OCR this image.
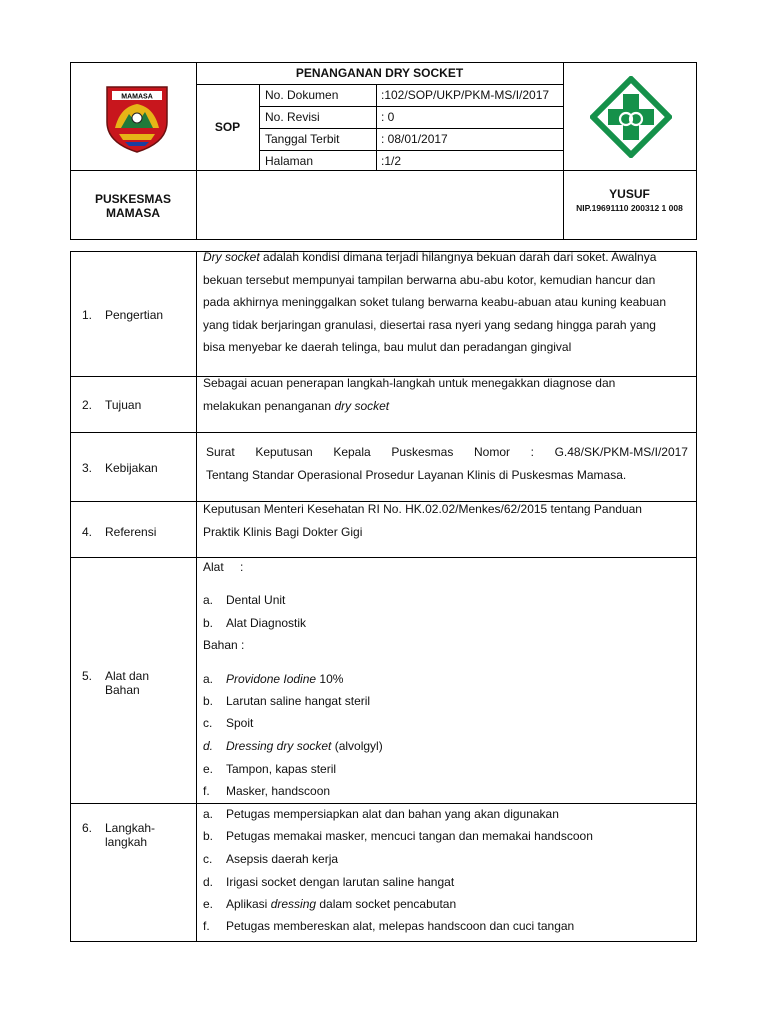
MAMASA
PENANGANAN DRY SOCKET
SOP
No. Dokumen	:102/SOP/UKP/PKM-MS/I/2017
No. Revisi	: 0
Tanggal Terbit	: 08/01/2017
Halaman	:1/2
PUSKESMAS
MAMASA
YUSUF
NIP.19691110 200312 1 008
1. Pengertian
Dry socket adalah kondisi dimana terjadi hilangnya bekuan darah dari soket. Awalnya
bekuan tersebut mempunyai tampilan berwarna abu-abu kotor, kemudian hancur dan
pada akhirnya meninggalkan soket tulang berwarna keabu-abuan atau kuning keabuan
yang tidak berjaringan granulasi, diesertai rasa nyeri yang sedang hingga parah yang
bisa menyebar ke daerah telinga, bau mulut dan peradangan gingival
2. Tujuan
Sebagai acuan penerapan langkah-langkah untuk menegakkan diagnose dan
melakukan penanganan dry socket
3. Kebijakan
Surat Keputusan Kepala Puskesmas Nomor : G.48/SK/PKM-MS/I/2017
Tentang Standar Operasional Prosedur Layanan Klinis di Puskesmas Mamasa.
4. Referensi
Keputusan Menteri Kesehatan RI No. HK.02.02/Menkes/62/2015 tentang Panduan
Praktik Klinis Bagi Dokter Gigi
5. Alat dan
Bahan
Alat :
a. Dental Unit
b. Alat Diagnostik
Bahan :
a. Providone Iodine 10%
b. Larutan saline hangat steril
c. Spoit
d. Dressing dry socket (alvolgyl)
e. Tampon, kapas steril
f. Masker, handscoon
6. Langkah-
langkah
a. Petugas mempersiapkan alat dan bahan yang akan digunakan
b. Petugas memakai masker, mencuci tangan dan memakai handscoon
c. Asepsis daerah kerja
d. Irigasi socket dengan larutan saline hangat
e. Aplikasi dressing dalam socket pencabutan
f. Petugas membereskan alat, melepas handscoon dan cuci tangan
